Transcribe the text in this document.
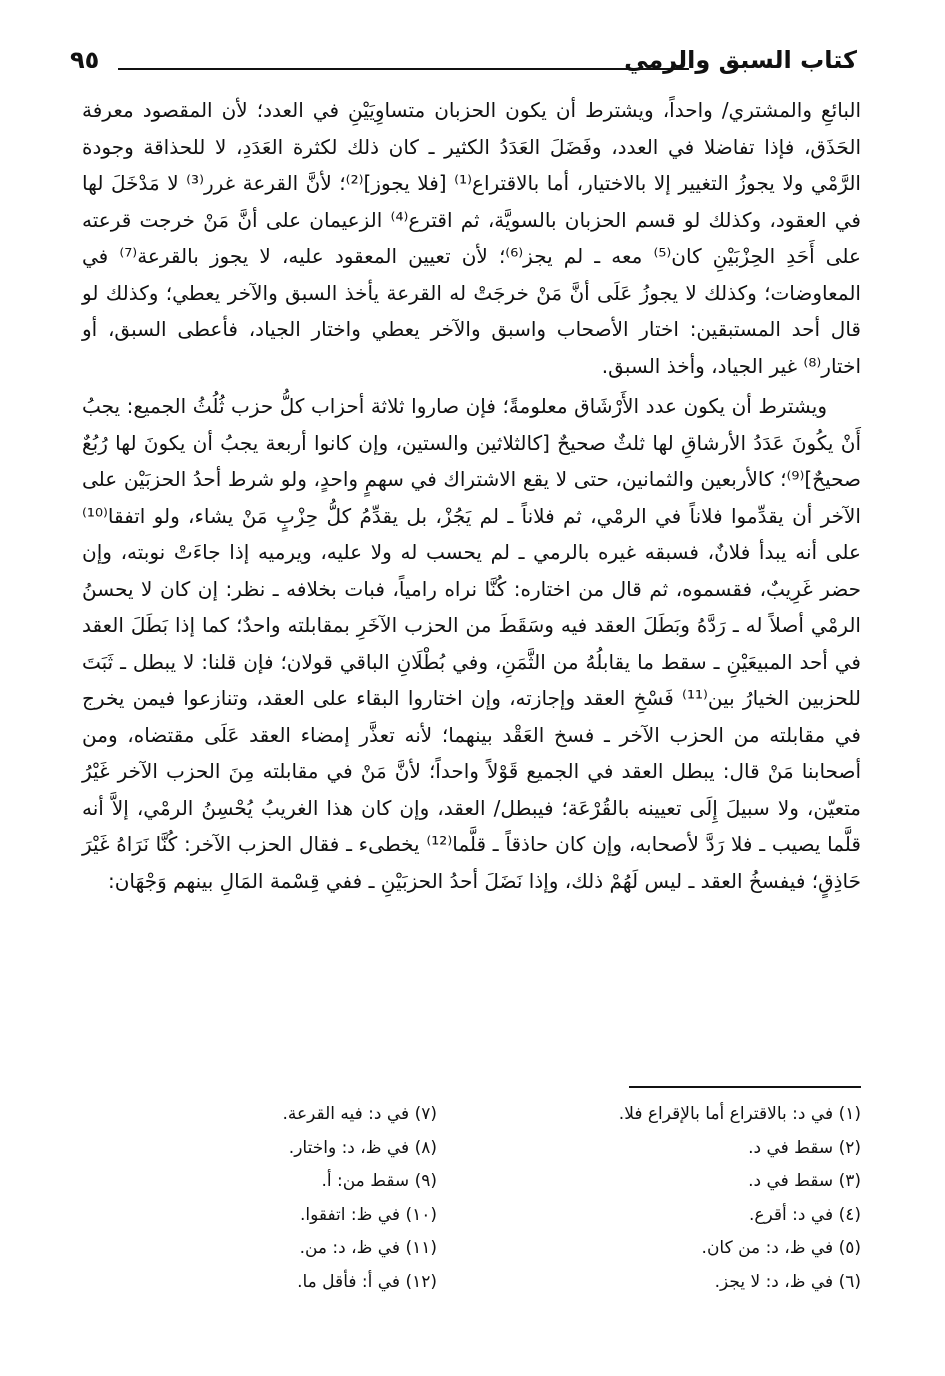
كتاب السبق والرمي
٩٥

البائعِ والمشتري/ واحداً، ويشترط أن يكون الحزبان متساوِيَيْنِ في العدد؛ لأن المقصود معرفة الحَذَق، فإذا تفاضلا في العدد، وفَضَلَ العَدَدُ الكثير ـ كان ذلك لكثرة العَدَدِ، لا للحذاقة وجودة الرَّمْي ولا يجوزُ التغيير إلا بالاختيار، أما بالاقتراع⁽¹⁾ [فلا يجوز]⁽²⁾؛ لأنَّ القرعة غرر⁽³⁾ لا مَدْخَلَ لها في العقود، وكذلك لو قسم الحزبان بالسويَّة، ثم اقترع⁽⁴⁾ الزعيمان على أنَّ مَنْ خرجت قرعته على أَحَدِ الحِزْبَيْنِ كان⁽⁵⁾ معه ـ لم يجز⁽⁶⁾؛ لأن تعيين المعقود عليه، لا يجوز بالقرعة⁽⁷⁾ في المعاوضات؛ وكذلك لا يجوزُ عَلَى أنَّ مَنْ خرجَتْ له القرعة يأخذ السبق والآخر يعطي؛ وكذلك لو قال أحد المستبقين: اختار الأصحاب واسبق والآخر يعطي واختار الجياد، فأعطى السبق، أو اختار⁽⁸⁾ غير الجياد، وأخذ السبق.

ويشترط أن يكون عدد الأَرْشَاق معلومةً؛ فإن صاروا ثلاثة أحزاب كلُّ حزب ثُلُثُ الجميع: يجبُ أَنْ يكُونَ عَدَدُ الأرشاقِ لها ثلثٌ صحيحٌ [كالثلاثين والستين، وإن كانوا أربعة يجبُ أن يكونَ لها رُبُعٌ صحيحٌ]⁽⁹⁾؛ كالأربعين والثمانين، حتى لا يقع الاشتراك في سهمٍ واحدٍ، ولو شرط أحدُ الحزبَيْن على الآخر أن يقدِّموا فلاناً في الرمْي، ثم فلاناً ـ لم يَجُزْ، بل يقدِّمُ كلُّ حِزْبٍ مَنْ يشاء، ولو اتفقا⁽¹⁰⁾ على أنه يبدأ فلانٌ، فسبقه غيره بالرمي ـ لم يحسب له ولا عليه، ويرميه إذا جاءَتْ نوبته، وإن حضر غَرِيبٌ، فقسموه، ثم قال من اختاره: كُنَّا نراه رامياً، فبات بخلافه ـ نظر: إن كان لا يحسنُ الرمْي أصلاً له ـ رَدَّهُ وبَطَلَ العقد فيه وسَقَطَ من الحزب الآخَرِ بمقابلته واحدٌ؛ كما إذا بَطَلَ العقد في أحد المبيعَيْنِ ـ سقط ما يقابلُهُ من الثَّمَنِ، وفي بُطْلَانِ الباقي قولان؛ فإن قلنا: لا يبطل ـ ثَبَتَ للحزبين الخيارُ بين⁽¹¹⁾ فَسْخِ العقد وإجازته، وإن اختاروا البقاء على العقد، وتنازعوا فيمن يخرج في مقابلته من الحزب الآخر ـ فسخ العَقْد بينهما؛ لأنه تعذَّر إمضاء العقد عَلَى مقتضاه، ومن أصحابنا مَنْ قال: يبطل العقد في الجميع قَوْلاً واحداً؛ لأنَّ مَنْ في مقابلته مِنَ الحزب الآخر غَيْرُ متعيّن، ولا سبيلَ إِلَى تعيينه بالقُرْعَة؛ فيبطل/ العقد، وإن كان هذا الغريبُ يُحْسِنُ الرمْي، إلاَّ أنه قلَّما يصيب ـ فلا رَدَّ لأصحابه، وإن كان حاذقاً ـ قلَّما⁽¹²⁾ يخطىء ـ فقال الحزب الآخر: كُنَّا نَرَاهُ غَيْرَ حَاذِقٍ؛ فيفسخُ العقد ـ ليس لَهُمْ ذلك، وإذا نَضَلَ أحدُ الحزبَيْنِ ـ ففي قِسْمة المَالِ بينهم وَجْهَان:

(١) في د: بالاقتراع أما بالإقراع فلا.
(٢) سقط في د.
(٣) سقط في د.
(٤) في د: أقرع.
(٥) في ظ، د: من كان.
(٦) في ظ، د: لا يجز.
(٧) في د: فيه القرعة.
(٨) في ظ، د: واختار.
(٩) سقط من: أ.
(١٠) في ظ: اتفقوا.
(١١) في ظ، د: من.
(١٢) في أ: فأقل ما.
